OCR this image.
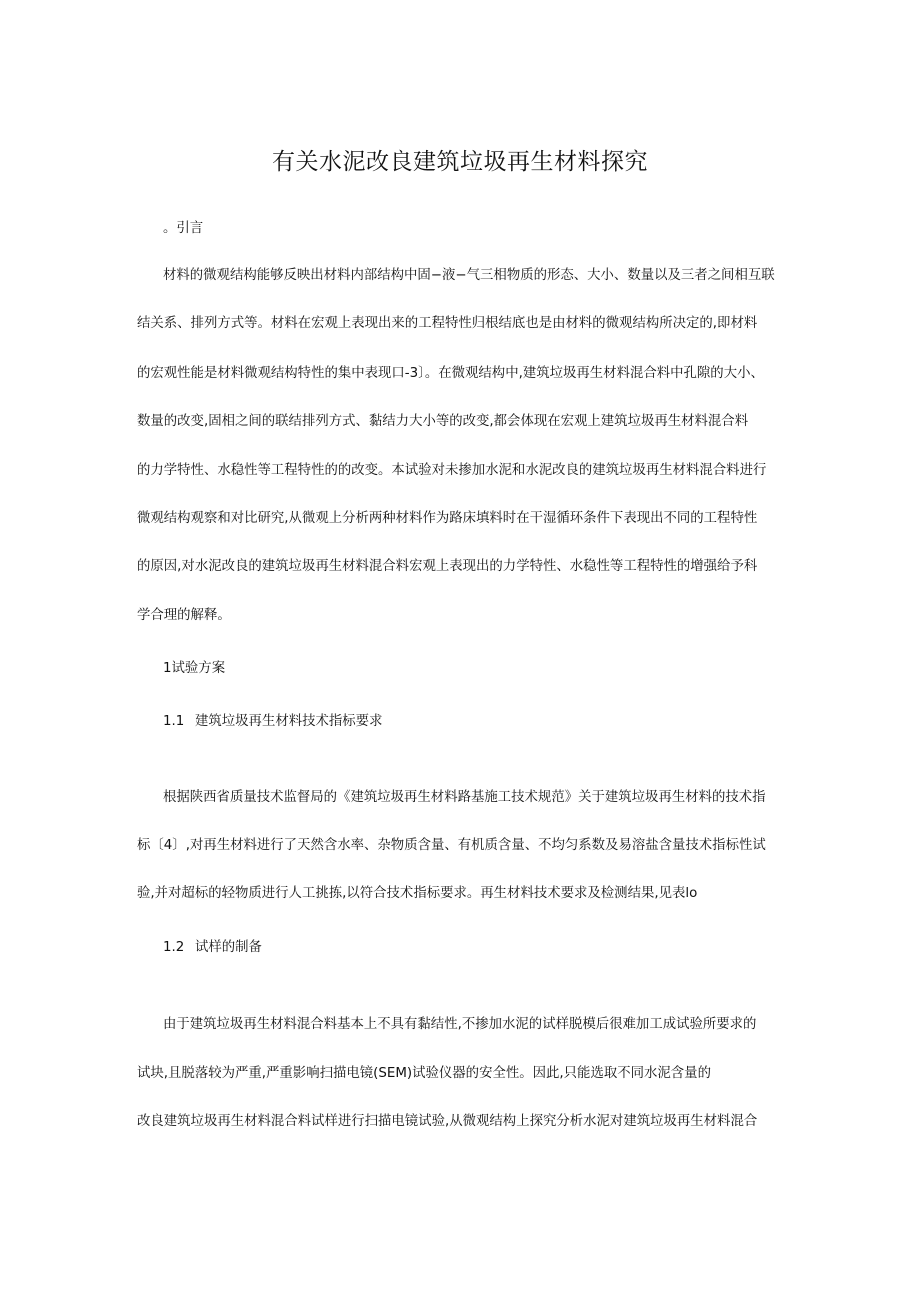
有关水泥改良建筑垃圾再生材料探究

。引言

材料的微观结构能够反映出材料内部结构中固−液−气三相物质的形态、大小、数量以及三者之间相互联

结关系、排列方式等。材料在宏观上表现出来的工程特性归根结底也是由材料的微观结构所决定的,即材料

的宏观性能是材料微观结构特性的集中表现口-3〕。在微观结构中,建筑垃圾再生材料混合料中孔隙的大小、

数量的改变,固相之间的联结排列方式、黏结力大小等的改变,都会体现在宏观上建筑垃圾再生材料混合料

的力学特性、水稳性等工程特性的的改变。本试验对未掺加水泥和水泥改良的建筑垃圾再生材料混合料进行

微观结构观察和对比研究,从微观上分析两种材料作为路床填料时在干湿循环条件下表现出不同的工程特性

的原因,对水泥改良的建筑垃圾再生材料混合料宏观上表现出的力学特性、水稳性等工程特性的增强给予科

学合理的解释。

1试验方案

1.1 建筑垃圾再生材料技术指标要求

根据陕西省质量技术监督局的《建筑垃圾再生材料路基施工技术规范》关于建筑垃圾再生材料的技术指

标〔4〕,对再生材料进行了天然含水率、杂物质含量、有机质含量、不均匀系数及易溶盐含量技术指标性试

验,并对超标的轻物质进行人工挑拣,以符合技术指标要求。再生材料技术要求及检测结果,见表lo

1.2 试样的制备

由于建筑垃圾再生材料混合料基本上不具有黏结性,不掺加水泥的试样脱模后很难加工成试验所要求的

试块,且脱落较为严重,严重影响扫描电镜(SEM)试验仪器的安全性。因此,只能选取不同水泥含量的

改良建筑垃圾再生材料混合料试样进行扫描电镜试验,从微观结构上探究分析水泥对建筑垃圾再生材料混合
